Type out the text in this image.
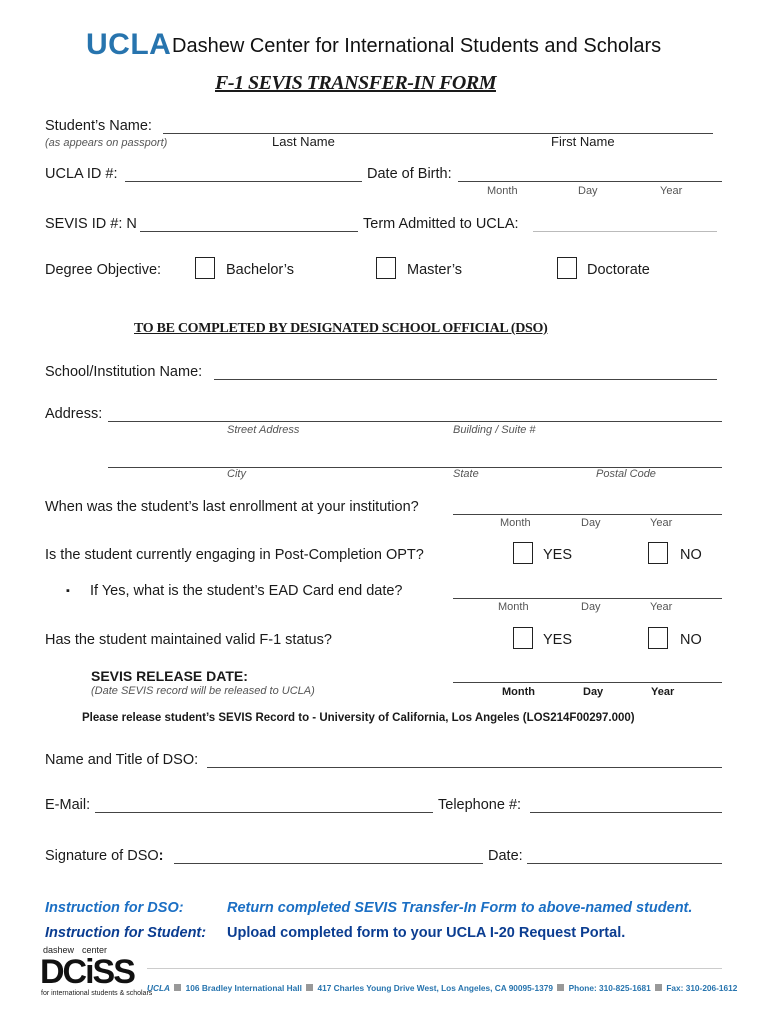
UCLA Dashew Center for International Students and Scholars
F-1 SEVIS TRANSFER-IN FORM
Student’s Name:
(as appears on passport)	Last Name	First Name
UCLA ID #:	Date of Birth:
Month	Day	Year
SEVIS ID #: N	Term Admitted to UCLA:
Degree Objective:	Bachelor’s	Master’s	Doctorate
TO BE COMPLETED BY DESIGNATED SCHOOL OFFICIAL (DSO)
School/Institution Name:
Address:
Street Address	Building / Suite #
City	State	Postal Code
When was the student’s last enrollment at your institution?
Month	Day	Year
Is the student currently engaging in Post-Completion OPT?	YES	NO
▪ If Yes, what is the student’s EAD Card end date?
Month	Day	Year
Has the student maintained valid F-1 status?	YES	NO
SEVIS RELEASE DATE:
(Date SEVIS record will be released to UCLA)	Month	Day	Year
Please release student’s SEVIS Record to - University of California, Los Angeles (LOS214F00297.000)
Name and Title of DSO:
E-Mail:	Telephone #:
Signature of DSO:	Date:
Instruction for DSO:	Return completed SEVIS Transfer-In Form to above-named student.
Instruction for Student: Upload completed form to your UCLA I-20 Request Portal.
dashew center
DCiSS
for international students & scholars
UCLA 106 Bradley International Hall 417 Charles Young Drive West, Los Angeles, CA 90095-1379 Phone: 310-825-1681 Fax: 310-206-1612
